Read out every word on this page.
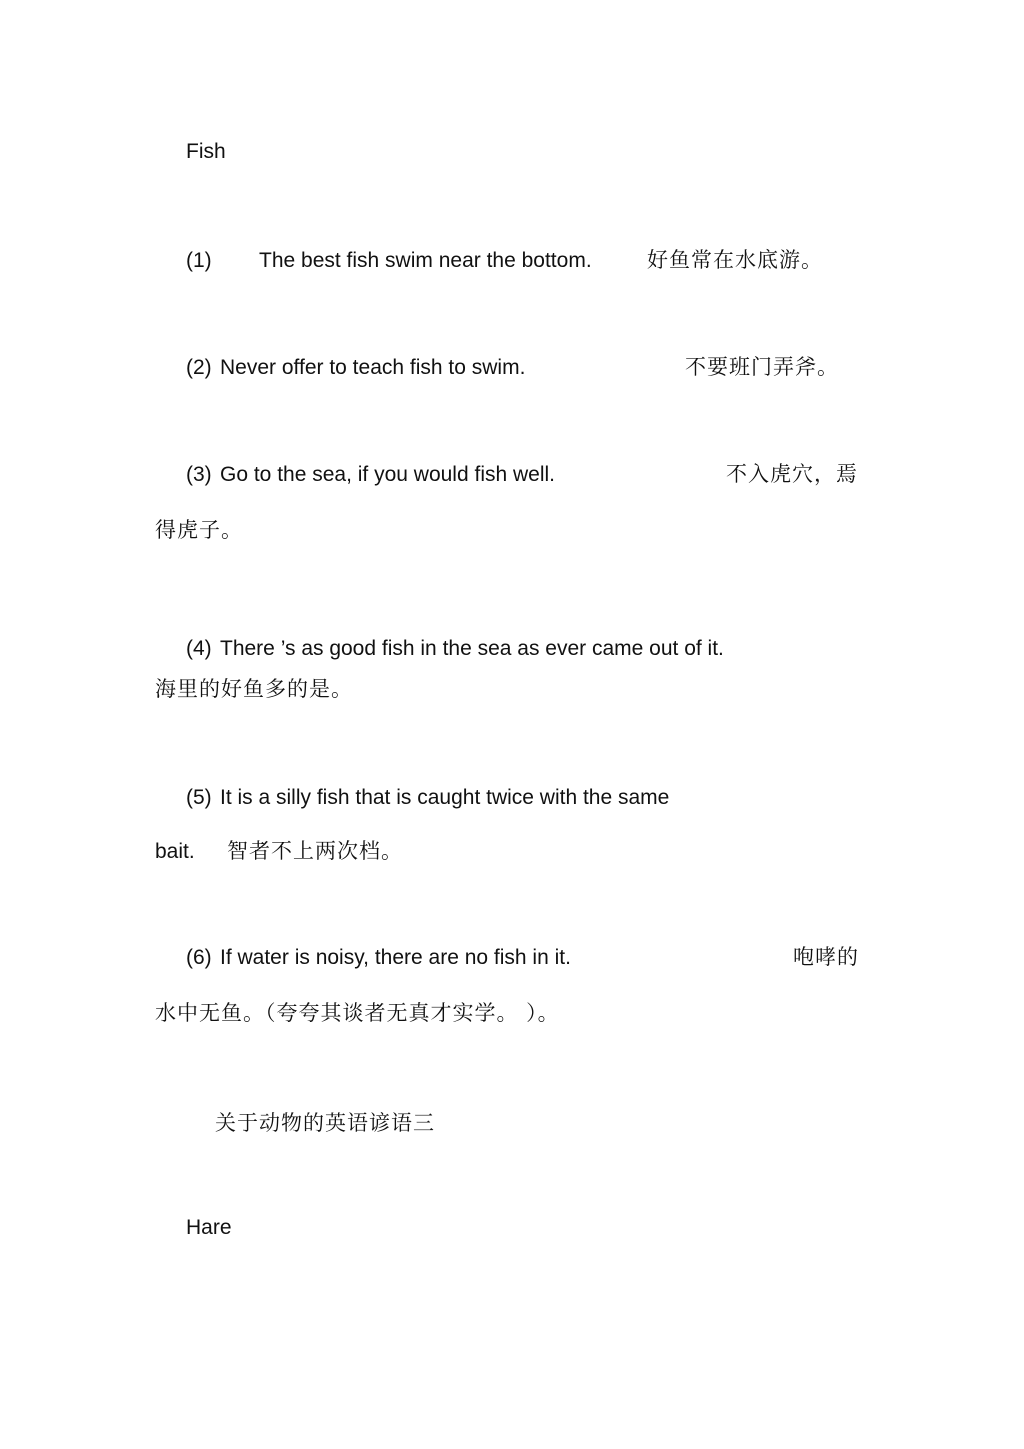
Fish
(1) The best fish swim near the bottom.	好鱼常在水底游。
(2) Never offer to teach fish to swim.	不要班门弄斧。
(3) Go to the sea, if you would fish well.	不入虎穴，焉
得虎子。
(4) There ’s as good fish in the sea as ever came out of it.
海里的好鱼多的是。
(5) It is a silly fish that is caught twice with the same
bait. 智者不上两次档。
(6) If water is noisy, there are no fish in it.	咆哮的
水中无鱼。（夸夸其谈者无真才实学。 ）。
关于动物的英语谚语三
Hare
